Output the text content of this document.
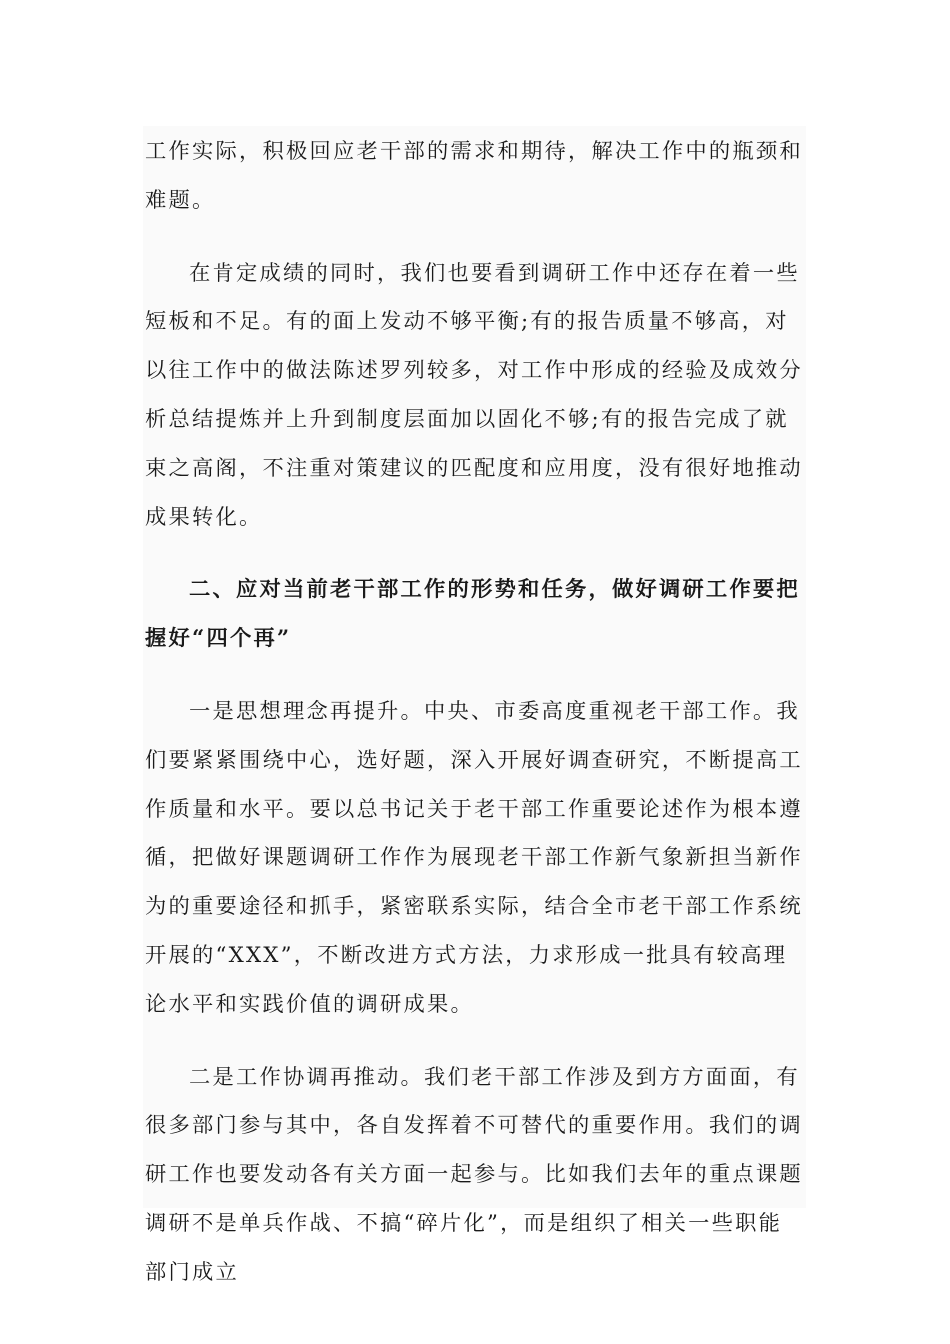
工作实际，积极回应老干部的需求和期待，解决工作中的瓶颈和难题。

在肯定成绩的同时，我们也要看到调研工作中还存在着一些短板和不足。有的面上发动不够平衡;有的报告质量不够高，对以往工作中的做法陈述罗列较多，对工作中形成的经验及成效分析总结提炼并上升到制度层面加以固化不够;有的报告完成了就束之高阁，不注重对策建议的匹配度和应用度，没有很好地推动成果转化。

二、应对当前老干部工作的形势和任务，做好调研工作要把握好“四个再”

一是思想理念再提升。中央、市委高度重视老干部工作。我们要紧紧围绕中心，选好题，深入开展好调查研究，不断提高工作质量和水平。要以总书记关于老干部工作重要论述作为根本遵循，把做好课题调研工作作为展现老干部工作新气象新担当新作为的重要途径和抓手，紧密联系实际，结合全市老干部工作系统开展的“XXX”，不断改进方式方法，力求形成一批具有较高理论水平和实践价值的调研成果。

二是工作协调再推动。我们老干部工作涉及到方方面面，有很多部门参与其中，各自发挥着不可替代的重要作用。我们的调研工作也要发动各有关方面一起参与。比如我们去年的重点课题调研不是单兵作战、不搞“碎片化”，而是组织了相关一些职能部门成立
